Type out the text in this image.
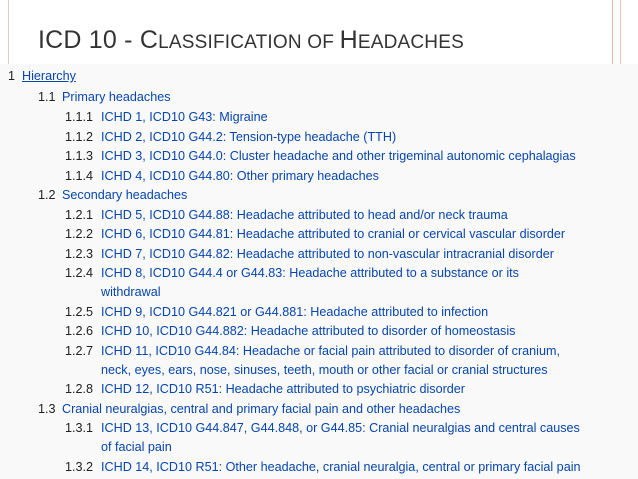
ICD 10 - CLASSIFICATION OF HEADACHES
1 Hierarchy
1.1 Primary headaches
1.1.1 ICHD 1, ICD10 G43: Migraine
1.1.2 ICHD 2, ICD10 G44.2: Tension-type headache (TTH)
1.1.3 ICHD 3, ICD10 G44.0: Cluster headache and other trigeminal autonomic cephalagias
1.1.4 ICHD 4, ICD10 G44.80: Other primary headaches
1.2 Secondary headaches
1.2.1 ICHD 5, ICD10 G44.88: Headache attributed to head and/or neck trauma
1.2.2 ICHD 6, ICD10 G44.81: Headache attributed to cranial or cervical vascular disorder
1.2.3 ICHD 7, ICD10 G44.82: Headache attributed to non-vascular intracranial disorder
1.2.4 ICHD 8, ICD10 G44.4 or G44.83: Headache attributed to a substance or its
withdrawal
1.2.5 ICHD 9, ICD10 G44.821 or G44.881: Headache attributed to infection
1.2.6 ICHD 10, ICD10 G44.882: Headache attributed to disorder of homeostasis
1.2.7 ICHD 11, ICD10 G44.84: Headache or facial pain attributed to disorder of cranium,
neck, eyes, ears, nose, sinuses, teeth, mouth or other facial or cranial structures
1.2.8 ICHD 12, ICD10 R51: Headache attributed to psychiatric disorder
1.3 Cranial neuralgias, central and primary facial pain and other headaches
1.3.1 ICHD 13, ICD10 G44.847, G44.848, or G44.85: Cranial neuralgias and central causes
of facial pain
1.3.2 ICHD 14, ICD10 R51: Other headache, cranial neuralgia, central or primary facial pain
